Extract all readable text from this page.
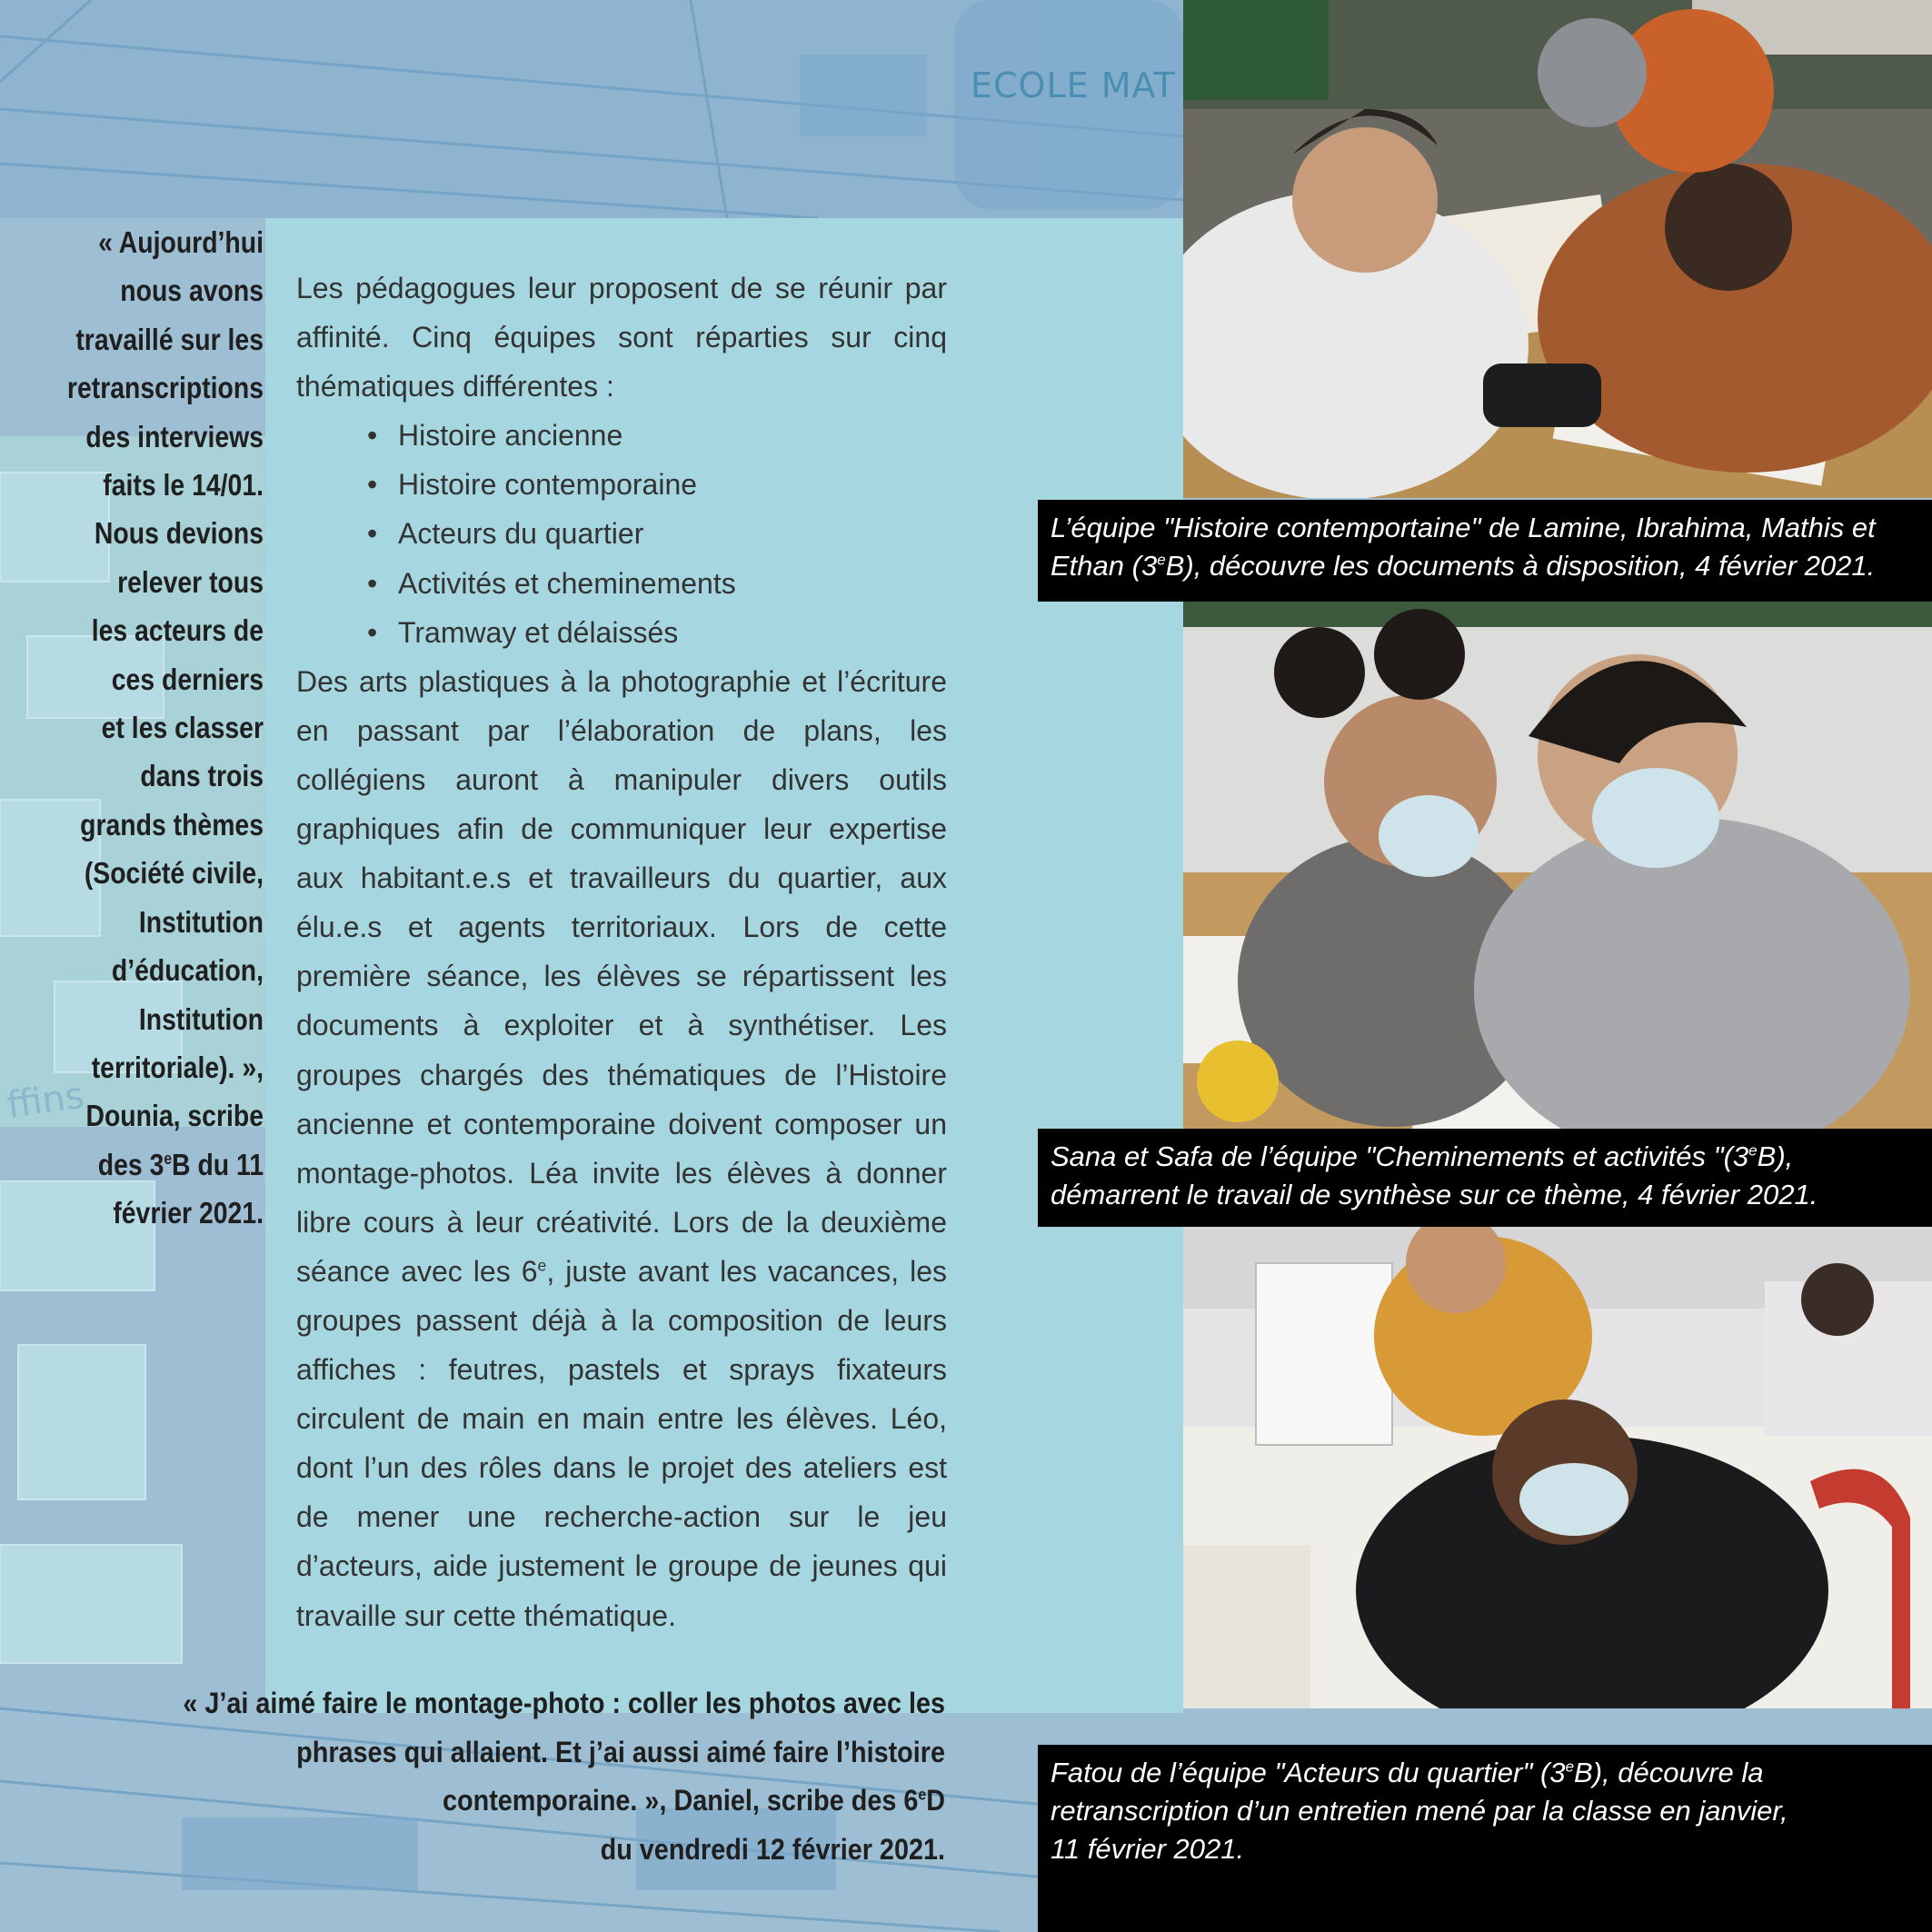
ffins
ECOLE MAT
« Aujourd’hui
nous avons
travaillé sur les
retranscriptions
des interviews
faits le 14/01.
Nous devions
relever tous
les acteurs de
ces derniers
et les classer
dans trois
grands thèmes
(Société civile,
Institution
d’éducation,
Institution
territoriale). »,
Dounia, scribe
des 3eB du 11
février 2021.

Les pédagogues leur proposent de se réunir par affinité. Cinq équipes sont réparties sur cinq thématiques différentes :

• Histoire ancienne
• Histoire contemporaine
• Acteurs du quartier
• Activités et cheminements
• Tramway et délaissés

Des arts plastiques à la photographie et l’écriture en passant par l’élaboration de plans, les collégiens auront à manipuler divers outils graphiques afin de communiquer leur expertise aux habitant.e.s et travailleurs du quartier, aux élu.e.s et agents territoriaux. Lors de cette première séance, les élèves se répartissent les documents à exploiter et à synthétiser. Les groupes chargés des thématiques de l’Histoire ancienne et contemporaine doivent composer un montage-photos. Léa invite les élèves à donner libre cours à leur créativité. Lors de la deuxième séance avec les 6e, juste avant les vacances, les groupes passent déjà à la composition de leurs affiches : feutres, pastels et sprays fixateurs circulent de main en main entre les élèves. Léo, dont l’un des rôles dans le projet des ateliers est de mener une recherche-action sur le jeu d’acteurs, aide justement le groupe de jeunes qui travaille sur cette thématique.

« J’ai aimé faire le montage-photo : coller les photos avec les
phrases qui allaient. Et j’ai aussi aimé faire l’histoire
contemporaine. », Daniel, scribe des 6eD
du vendredi 12 février 2021.
L’équipe "Histoire contemportaine" de Lamine, Ibrahima, Mathis et
Ethan (3eB), découvre les documents à disposition, 4 février 2021.
Sana et Safa de l’équipe "Cheminements et activités "(3eB),
démarrent le travail de synthèse sur ce thème, 4 février 2021.
Fatou de l’équipe "Acteurs du quartier" (3eB), découvre la
retranscription d’un entretien mené par la classe en janvier,
11 février 2021.
